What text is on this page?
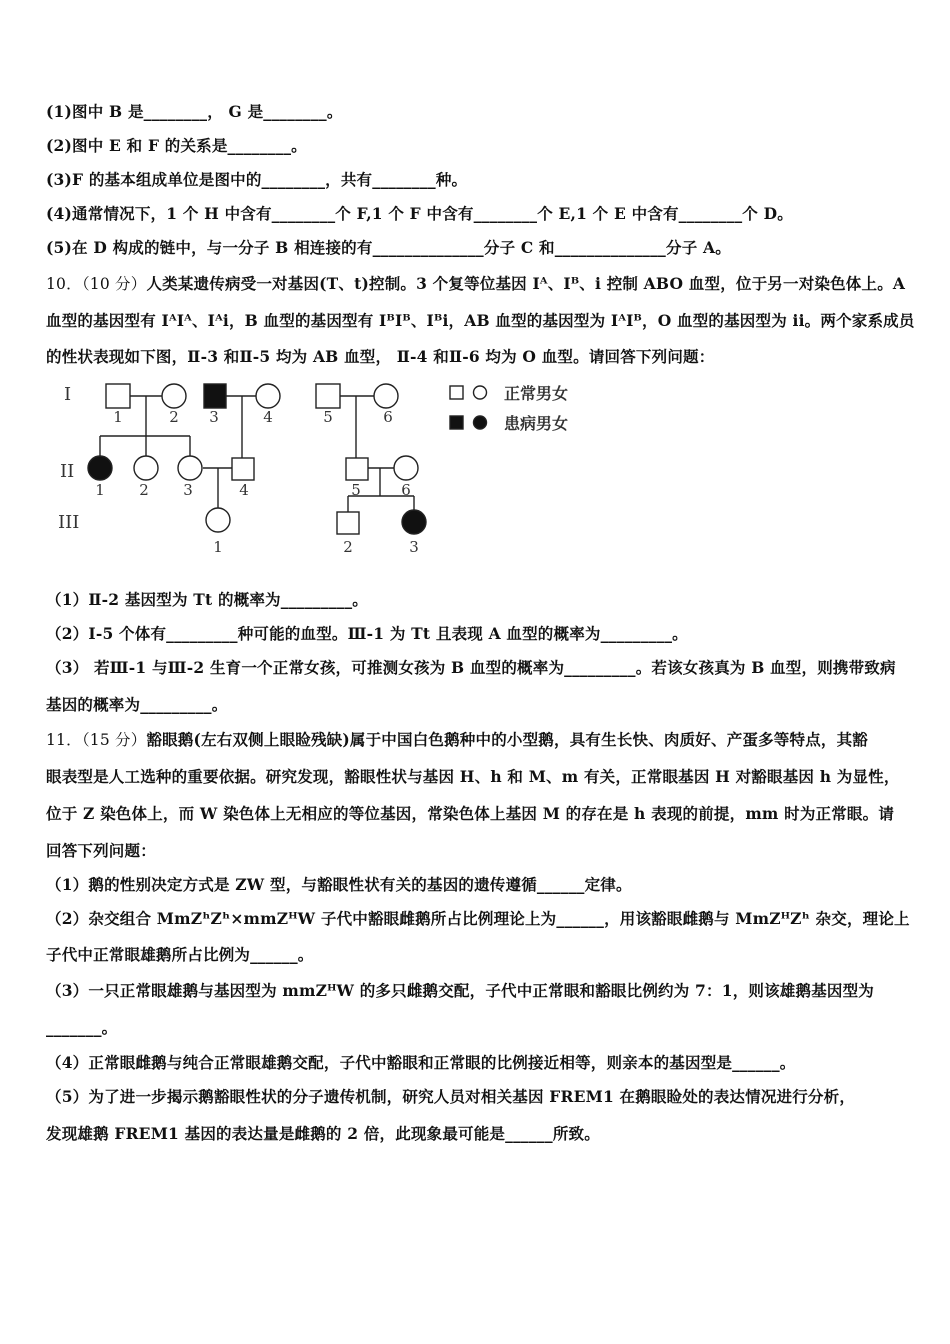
(1)图中 B 是________， G 是________。
(2)图中 E 和 F 的关系是________。
(3)F 的基本组成单位是图中的________，共有________种。
(4)通常情况下，1 个 H 中含有________个 F,1 个 F 中含有________个 E,1 个 E 中含有________个 D。
(5)在 D 构成的链中，与一分子 B 相连接的有______________分子 C 和______________分子 A。
10．（10 分）人类某遗传病受一对基因(T、t)控制。3 个复等位基因 Iᴬ、Iᴮ、i 控制 ABO 血型，位于另一对染色体上。A
血型的基因型有 IᴬIᴬ、Iᴬi，B 血型的基因型有 IᴮIᴮ、Iᴮi，AB 血型的基因型为 IᴬIᴮ，O 血型的基因型为 ii。两个家系成员
的性状表现如下图，Ⅱ-3 和Ⅱ-5 均为 AB 血型， Ⅱ-4 和Ⅱ-6 均为 O 血型。请回答下列问题：
I
II
III
正常男女
患病男女
1	2 3	4	5	6
1 2 3	4	5	6
1	2	3
（1）Ⅱ-2 基因型为 Tt 的概率为_________。
（2）Ⅰ-5 个体有_________种可能的血型。Ⅲ-1 为 Tt 且表现 A 血型的概率为_________。
（3） 若Ⅲ-1 与Ⅲ-2 生育一个正常女孩，可推测女孩为 B 血型的概率为_________。若该女孩真为 B 血型，则携带致病
基因的概率为_________。
11．（15 分）豁眼鹅(左右双侧上眼睑残缺)属于中国白色鹅种中的小型鹅，具有生长快、肉质好、产蛋多等特点，其豁
眼表型是人工选种的重要依据。研究发现，豁眼性状与基因 H、h 和 M、m 有关，正常眼基因 H 对豁眼基因 h 为显性，
位于 Z 染色体上，而 W 染色体上无相应的等位基因，常染色体上基因 M 的存在是 h 表现的前提，mm 时为正常眼。请
回答下列问题：
（1）鹅的性别决定方式是 ZW 型，与豁眼性状有关的基因的遗传遵循______定律。
（2）杂交组合 MmZʰZʰ×mmZᴴW 子代中豁眼雌鹅所占比例理论上为______，用该豁眼雌鹅与 MmZᴴZʰ 杂交，理论上
子代中正常眼雄鹅所占比例为______。
（3）一只正常眼雄鹅与基因型为 mmZᴴW 的多只雌鹅交配，子代中正常眼和豁眼比例约为 7：1，则该雄鹅基因型为
_______。
（4）正常眼雌鹅与纯合正常眼雄鹅交配，子代中豁眼和正常眼的比例接近相等，则亲本的基因型是______。
（5）为了进一步揭示鹅豁眼性状的分子遗传机制，研究人员对相关基因 FREM1 在鹅眼睑处的表达情况进行分析，
发现雄鹅 FREM1 基因的表达量是雌鹅的 2 倍，此现象最可能是______所致。
